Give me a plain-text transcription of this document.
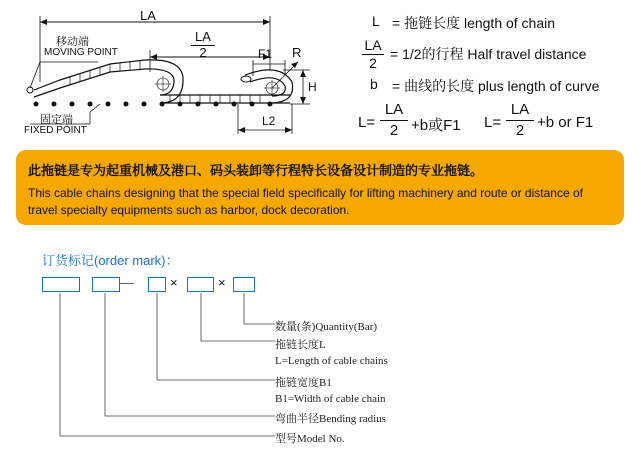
LA
LA
2
移动端
MOVING POINT
固定端
FIXED POINT
F1 R
H
L2
L = 拖链长度 length of chain
LA
2
= 1/2的行程 Half travel distance
b = 曲线的长度 plus length of curve
L=
LA
2 +b或F1 L=
LA
2 +b or F1
此拖链是专为起重机械及港口、码头装卸等行程特长设备设计制造的专业拖链。
This cable chains designing that the special field specifically for lifting machinery and route or distance of
travel specialty equipments such as harbor, dock decoration.
订货标记(order mark)：
—	×	×
数量(条)Quantity(Bar)
拖链长度L
L=Length of cable chains
拖链宽度B1
B1=Width of cable chain
弯曲半径Bending radius
型号Model No.
